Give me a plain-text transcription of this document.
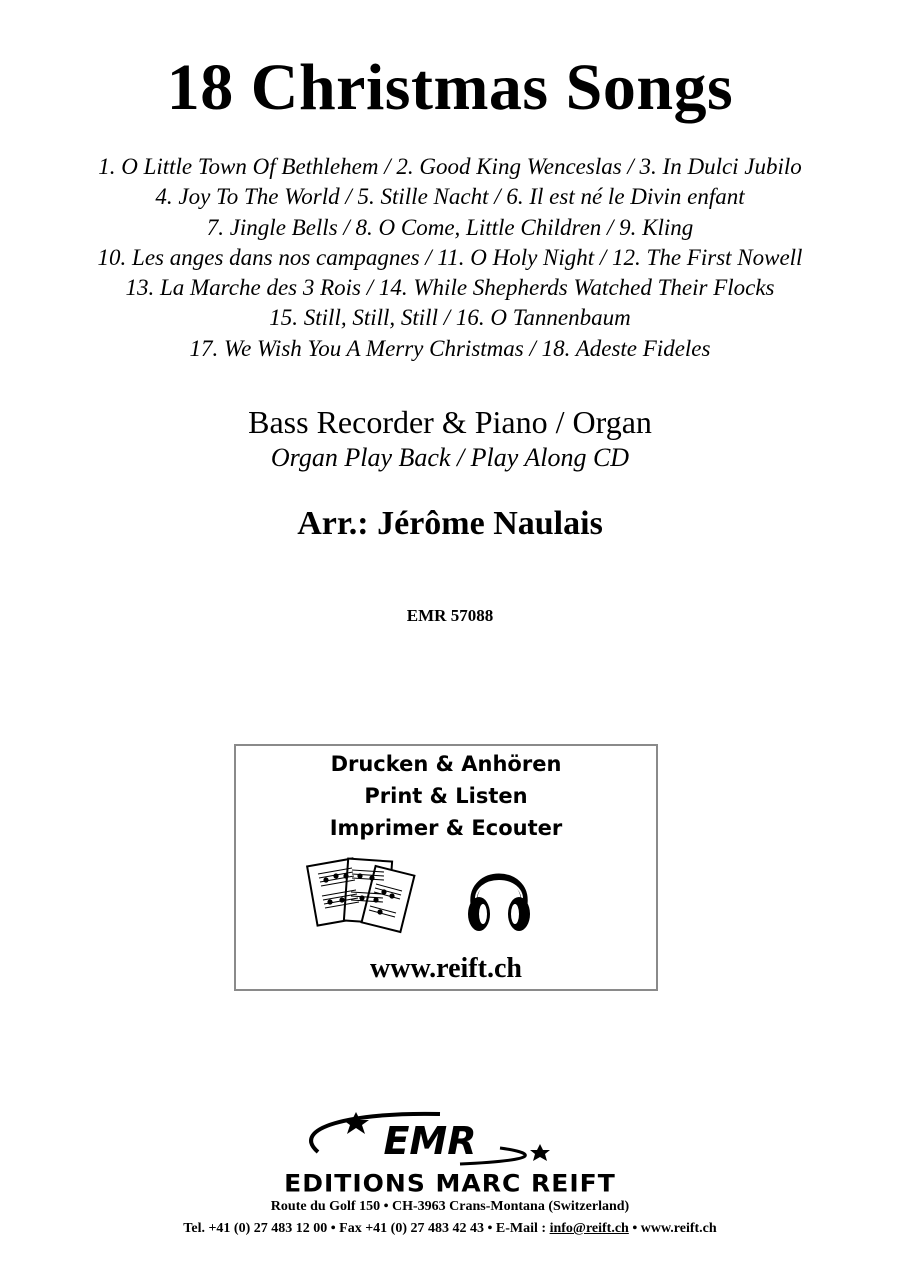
18 Christmas Songs
1. O Little Town Of Bethlehem / 2. Good King Wenceslas / 3. In Dulci Jubilo
4. Joy To The World / 5. Stille Nacht / 6. Il est né le Divin enfant
7. Jingle Bells / 8. O Come, Little Children / 9. Kling
10. Les anges dans nos campagnes / 11. O Holy Night / 12. The First Nowell
13. La Marche des 3 Rois / 14. While Shepherds Watched Their Flocks
15. Still, Still, Still / 16. O Tannenbaum
17. We Wish You A Merry Christmas / 18. Adeste Fideles
Bass Recorder & Piano / Organ
Organ Play Back / Play Along CD
Arr.: Jérôme Naulais
EMR 57088
Drucken & Anhören
Print & Listen
Imprimer & Ecouter
www.reift.ch
EMR
EDITIONS MARC REIFT
Route du Golf 150 • CH-3963 Crans-Montana (Switzerland)
Tel. +41 (0) 27 483 12 00 • Fax +41 (0) 27 483 42 43 • E-Mail : info@reift.ch • www.reift.ch
